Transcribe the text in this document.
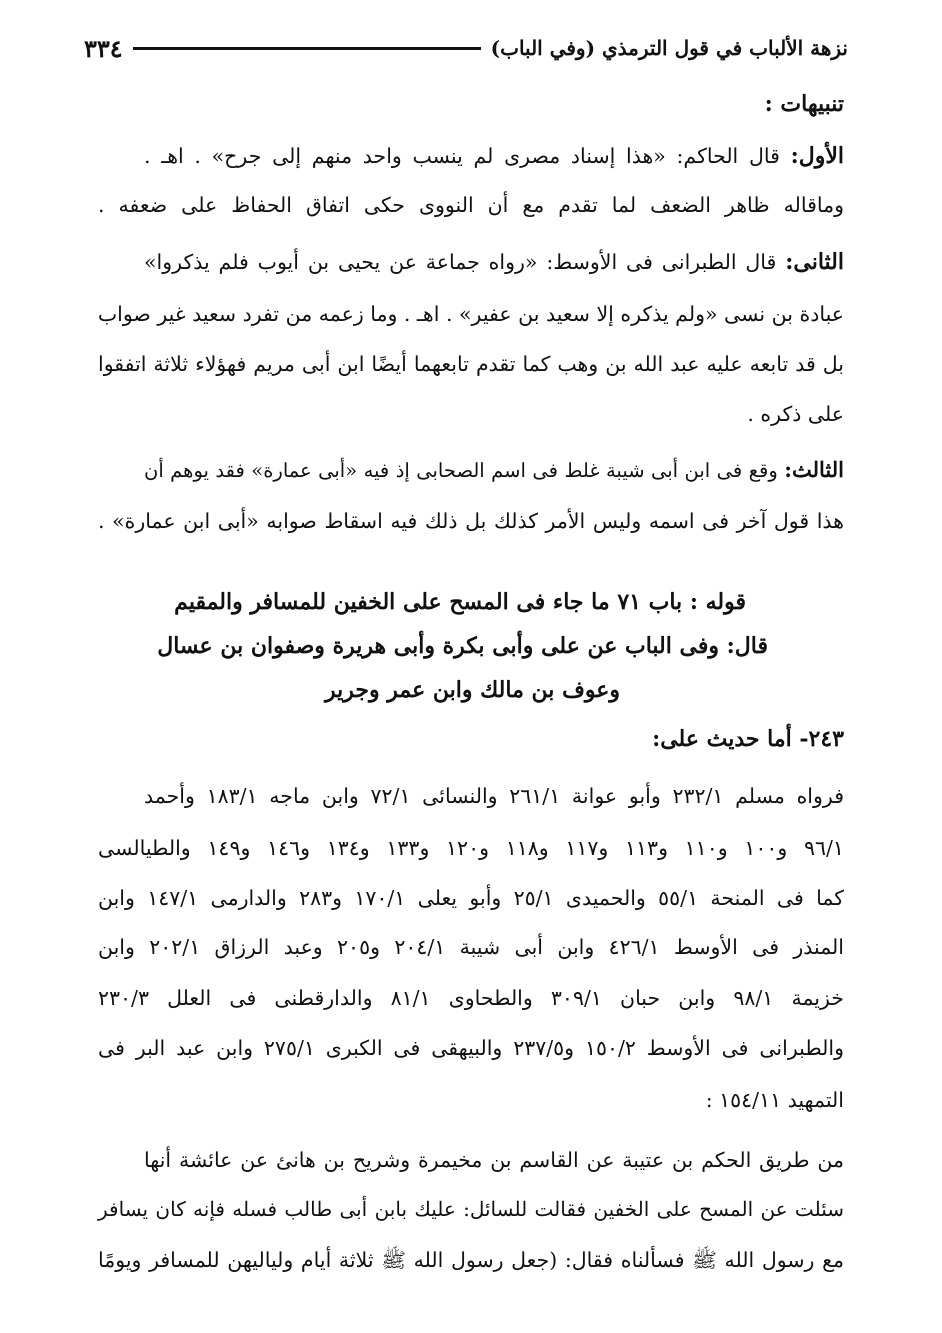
٣٣٤	نزهة الألباب في قول الترمذي (وفي الباب)
تنبيهات :
الأول: قال الحاكم: «هذا إسناد مصرى لم ينسب واحد منهم إلى جرح» . اهـ .
وماقاله ظاهر الضعف لما تقدم مع أن النووى حكى اتفاق الحفاظ على ضعفه .
الثانى: قال الطبرانى فى الأوسط: «رواه جماعة عن يحيى بن أيوب فلم يذكروا»
عبادة بن نسى «ولم يذكره إلا سعيد بن عفير» . اهـ . وما زعمه من تفرد سعيد غير صواب
بل قد تابعه عليه عبد الله بن وهب كما تقدم تابعهما أيضًا ابن أبى مريم فهؤلاء ثلاثة اتفقوا
على ذكره .
الثالث: وقع فى ابن أبى شيبة غلط فى اسم الصحابى إذ فيه «أبى عمارة» فقد يوهم أن
هذا قول آخر فى اسمه وليس الأمر كذلك بل ذلك فيه اسقاط صوابه «أبى ابن عمارة» .
قوله : باب ٧١ ما جاء فى المسح على الخفين للمسافر والمقيم
قال: وفى الباب عن على وأبى بكرة وأبى هريرة وصفوان بن عسال
وعوف بن مالك وابن عمر وجرير
٢٤٣- أما حديث على:
فرواه مسلم ٢٣٢/١ وأبو عوانة ٢٦١/١ والنسائى ٧٢/١ وابن ماجه ١٨٣/١ وأحمد
٩٦/١ و١٠٠ و١١٠ و١١٣ و١١٧ و١١٨ و١٢٠ و١٣٣ و١٣٤ و١٤٦ و١٤٩ والطيالسى
كما فى المنحة ٥٥/١ والحميدى ٢٥/١ وأبو يعلى ١٧٠/١ و٢٨٣ والدارمى ١٤٧/١ وابن
المنذر فى الأوسط ٤٢٦/١ وابن أبى شيبة ٢٠٤/١ و٢٠٥ وعبد الرزاق ٢٠٢/١ وابن
خزيمة ٩٨/١ وابن حبان ٣٠٩/١ والطحاوى ٨١/١ والدارقطنى فى العلل ٢٣٠/٣
والطبرانى فى الأوسط ١٥٠/٢ و٢٣٧/٥ والبيهقى فى الكبرى ٢٧٥/١ وابن عبد البر فى
التمهيد ١٥٤/١١ :
من طريق الحكم بن عتيبة عن القاسم بن مخيمرة وشريح بن هانئ عن عائشة أنها
سئلت عن المسح على الخفين فقالت للسائل: عليك بابن أبى طالب فسله فإنه كان يسافر
مع رسول الله ﷺ فسألناه فقال: (جعل رسول الله ﷺ ثلاثة أيام ولياليهن للمسافر ويومًا
